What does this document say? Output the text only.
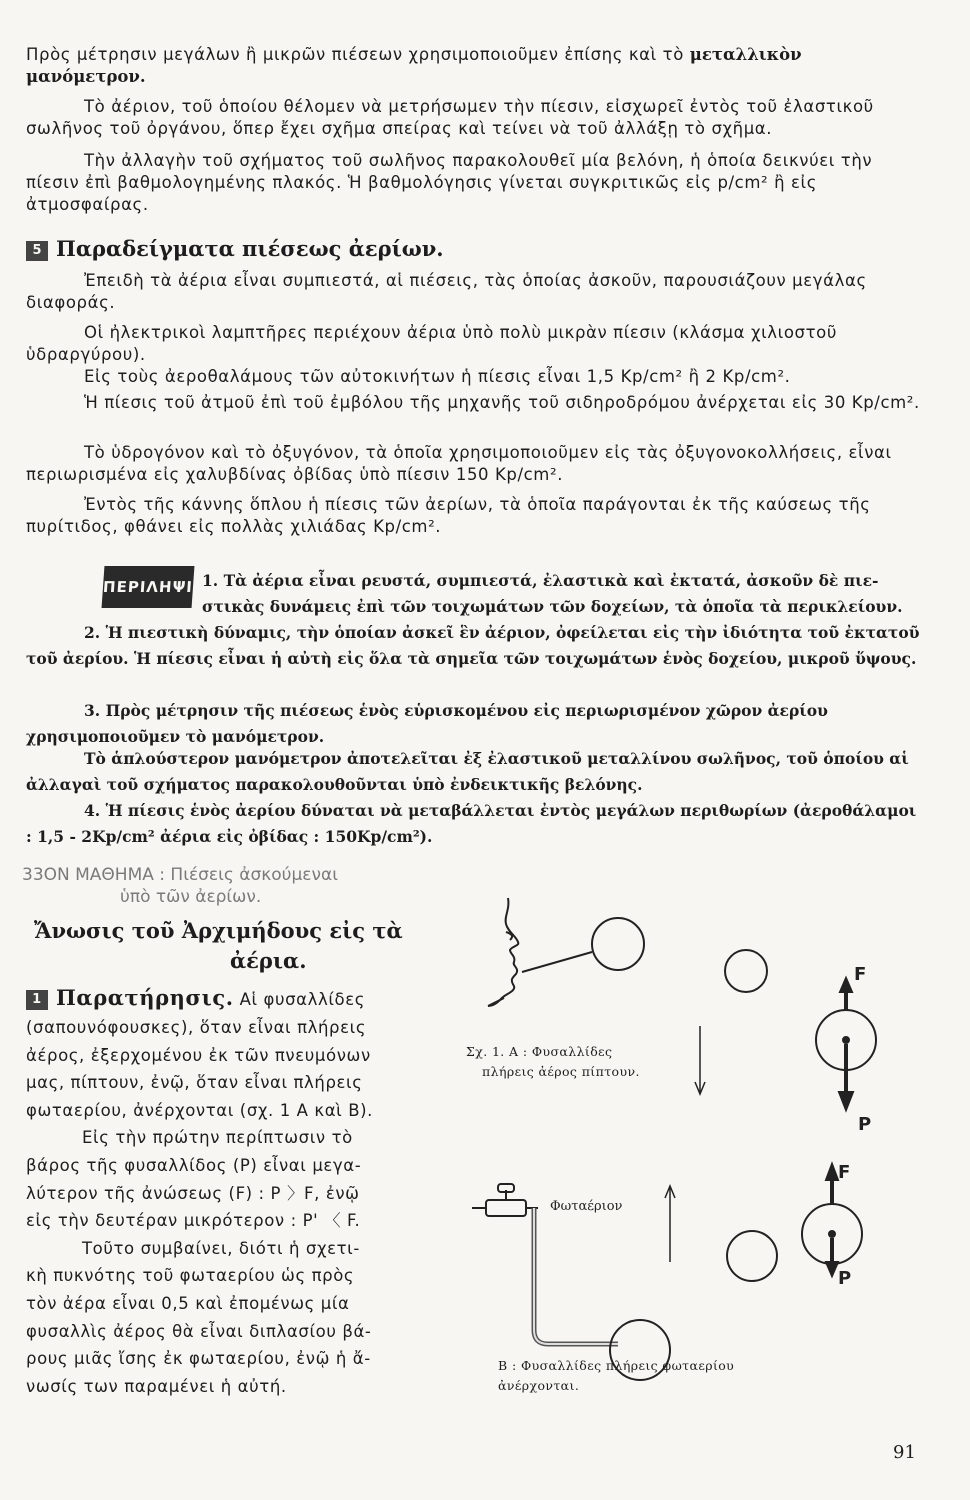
Πρὸς μέτρησιν μεγάλων ἢ μικρῶν πιέσεων χρησιμοποιοῦμεν ἐπίσης καὶ τὸ μεταλλικὸν μανόμετρον.

Τὸ ἀέριον, τοῦ ὁποίου θέλομεν νὰ μετρήσωμεν τὴν πίεσιν, εἰσχωρεῖ ἐντὸς τοῦ ἐλαστικοῦ σωλῆνος τοῦ ὀργάνου, ὅπερ ἔχει σχῆμα σπείρας καὶ τείνει νὰ τοῦ ἀλλάξῃ τὸ σχῆμα.

Τὴν ἀλλαγὴν τοῦ σχήματος τοῦ σωλῆνος παρακολουθεῖ μία βελόνη, ἡ ὁποία δεικνύει τὴν πίεσιν ἐπὶ βαθμολογημένης πλακός. Ἡ βαθμολόγησις γίνεται συγκριτικῶς εἰς p/cm² ἢ εἰς ἀτμοσφαίρας.

5 Παραδείγματα πιέσεως ἀερίων.

Ἐπειδὴ τὰ ἀέρια εἶναι συμπιεστά, αἱ πιέσεις, τὰς ὁποίας ἀσκοῦν, παρουσιάζουν μεγάλας διαφοράς.

Οἱ ἠλεκτρικοὶ λαμπτῆρες περιέχουν ἀέρια ὑπὸ πολὺ μικρὰν πίεσιν (κλάσμα χιλιοστοῦ ὑδραργύρου).

Εἰς τοὺς ἀεροθαλάμους τῶν αὐτοκινήτων ἡ πίεσις εἶναι 1,5 Kp/cm² ἢ 2 Kp/cm².

Ἡ πίεσις τοῦ ἀτμοῦ ἐπὶ τοῦ ἐμβόλου τῆς μηχανῆς τοῦ σιδηροδρόμου ἀνέρχεται εἰς 30 Kp/cm².

Τὸ ὑδρογόνον καὶ τὸ ὀξυγόνον, τὰ ὁποῖα χρησιμοποιοῦμεν εἰς τὰς ὀξυγονοκολλήσεις, εἶναι περιωρισμένα εἰς χαλυβδίνας ὀβίδας ὑπὸ πίεσιν 150 Kp/cm².

Ἐντὸς τῆς κάννης ὅπλου ἡ πίεσις τῶν ἀερίων, τὰ ὁποῖα παράγονται ἐκ τῆς καύσεως τῆς πυρίτιδος, φθάνει εἰς πολλὰς χιλιάδας Kp/cm².

ΠΕΡΙΛΗΨΙΣ
1. Τὰ ἀέρια εἶναι ρευστά, συμπιεστά, ἐλαστικὰ καὶ ἐκτατά, ἀσκοῦν δὲ πιε-
στικὰς δυνάμεις ἐπὶ τῶν τοιχωμάτων τῶν δοχείων, τὰ ὁποῖα τὰ περικλείουν.

2. Ἡ πιεστικὴ δύναμις, τὴν ὁποίαν ἀσκεῖ ἓν ἀέριον, ὀφείλεται εἰς τὴν ἰδιότητα τοῦ ἐκτατοῦ τοῦ ἀερίου. Ἡ πίεσις εἶναι ἡ αὐτὴ εἰς ὅλα τὰ σημεῖα τῶν τοιχωμάτων ἑνὸς δοχείου, μικροῦ ὕψους.

3. Πρὸς μέτρησιν τῆς πιέσεως ἑνὸς εὑρισκομένου εἰς περιωρισμένον χῶρον ἀερίου χρησιμοποιοῦμεν τὸ μανόμετρον.

Τὸ ἁπλούστερον μανόμετρον ἀποτελεῖται ἐξ ἐλαστικοῦ μεταλλίνου σωλῆνος, τοῦ ὁποίου αἱ ἀλλαγαὶ τοῦ σχήματος παρακολουθοῦνται ὑπὸ ἐνδεικτικῆς βελόνης.

4. Ἡ πίεσις ἑνὸς ἀερίου δύναται νὰ μεταβάλλεται ἐντὸς μεγάλων περιθωρίων (ἀεροθάλαμοι : 1,5 - 2Kp/cm² ἀέρια εἰς ὀβίδας : 150Kp/cm²).

33ΟΝ ΜΑΘΗΜΑ : Πιέσεις ἀσκούμεναι
ὑπὸ τῶν ἀερίων.
Ἄνωσις τοῦ Ἀρχιμήδους εἰς τὰ
ἀέρια.
1 Παρατήρησις. Αἱ φυσαλλίδες
(σαπουνόφουσκες), ὅταν εἶναι πλήρεις
ἀέρος, ἐξερχομένου ἐκ τῶν πνευμόνων
μας, πίπτουν, ἐνῷ, ὅταν εἶναι πλήρεις
φωταερίου, ἀνέρχονται (σχ. 1 Α καὶ Β).
Εἰς τὴν πρώτην περίπτωσιν τὸ
βάρος τῆς φυσαλλίδος (Ρ) εἶναι μεγα-
λύτερον τῆς ἀνώσεως (F) : P 〉F, ἐνῷ
εἰς τὴν δευτέραν μικρότερον : P' 〈 F.
Τοῦτο συμβαίνει, διότι ἡ σχετι-
κὴ πυκνότης τοῦ φωταερίου ὡς πρὸς
τὸν ἀέρα εἶναι 0,5 καὶ ἐπομένως μία
φυσαλλὶς ἀέρος θὰ εἶναι διπλασίου βά-
ρους μιᾶς ἴσης ἐκ φωταερίου, ἐνῷ ἡ ἄ-
νωσίς των παραμένει ἡ αὐτή.
F
P
F
P
Φωταέριον
Σχ. 1. Α : Φυσαλλίδες
πλήρεις ἀέρος πίπτουν.
Β : Φυσαλλίδες πλήρεις φωταερίου
ἀνέρχονται.
91
